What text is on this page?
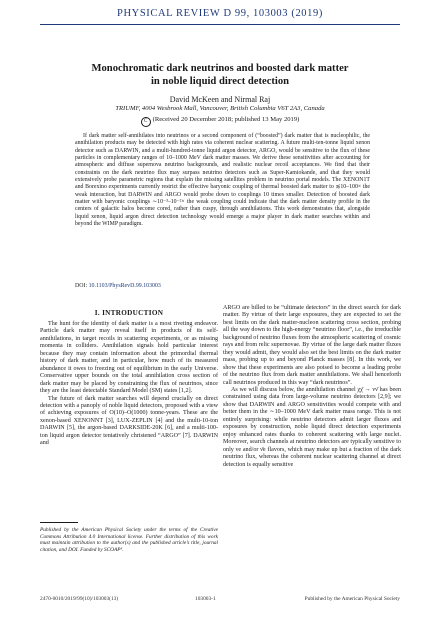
PHYSICAL REVIEW D 99, 103003 (2019)
Monochromatic dark neutrinos and boosted dark matter
in noble liquid direct detection
David McKeen and Nirmal Raj
TRIUMF, 4004 Wesbrook Mall, Vancouver, British Columbia V6T 2A3, Canada
C (Received 20 December 2018; published 13 May 2019)
If dark matter self-annihilates into neutrinos or a second component of (“boosted”) dark matter that is nucleophilic, the annihilation products may be detected with high rates via coherent nuclear scattering. A future multi-ten-tonne liquid xenon detector such as DARWIN, and a multi-hundred-tonne liquid argon detector, ARGO, would be sensitive to the flux of these particles in complementary ranges of 10–1000 MeV dark matter masses. We derive these sensitivities after accounting for atmospheric and diffuse supernova neutrino backgrounds, and realistic nuclear recoil acceptances. We find that their constraints on the dark neutrino flux may surpass neutrino detectors such as Super-Kamiokande, and that they would extensively probe parametric regions that explain the missing satellites problem in neutrino portal models. The XENON1T and Borexino experiments currently restrict the effective baryonic coupling of thermal boosted dark matter to ≲10–100× the weak interaction, but DARWIN and ARGO would probe down to couplings 10 times smaller. Detection of boosted dark matter with baryonic couplings ∼10⁻³–10⁻²× the weak coupling could indicate that the dark matter density profile in the centers of galactic halos become cored, rather than cuspy, through annihilations. This work demonstrates that, alongside liquid xenon, liquid argon direct detection technology would emerge a major player in dark matter searches within and beyond the WIMP paradigm.
DOI: 10.1103/PhysRevD.99.103003
I. INTRODUCTION

The hunt for the identity of dark matter is a most riveting endeavor. Particle dark matter may reveal itself in products of its self-annihilations, in target recoils in scattering experiments, or as missing momenta in colliders. Annihilation signals hold particular interest because they may contain information about the primordial thermal history of dark matter, and in particular, how much of its measured abundance it owes to freezing out of equilibrium in the early Universe. Conservative upper bounds on the total annihilation cross section of dark matter may be placed by constraining the flux of neutrinos, since they are the least detectable Standard Model (SM) states [1,2].

The future of dark matter searches will depend crucially on direct detection with a panoply of noble liquid detectors, proposed with a view of achieving exposures of O(10)–O(1000) tonne-years. These are the xenon-based XENONNT [3], LUX-ZEPLIN [4] and the multi-10-ton DARWIN [5], the argon-based DARKSIDE-20K [6], and a multi-100-ton liquid argon detector tentatively christened “ARGO” [7]. DARWIN and

ARGO are billed to be “ultimate detectors” in the direct search for dark matter. By virtue of their large exposures, they are expected to set the best limits on the dark matter-nucleon scattering cross section, probing all the way down to the high-energy “neutrino floor”, i.e., the irreducible background of neutrino fluxes from the atmospheric scattering of cosmic rays and from relic supernovae. By virtue of the large dark matter fluxes they would admit, they would also set the best limits on the dark matter mass, probing up to and beyond Planck masses [8]. In this work, we show that these experiments are also poised to become a leading probe of the neutrino flux from dark matter annihilations. We shall henceforth call neutrinos produced in this way “dark neutrinos”.

As we will discuss below, the annihilation channel χχ̄ → νν̄ has been constrained using data from large-volume neutrino detectors [2,9]; we show that DARWIN and ARGO sensitivities would compete with and better them in the ∼10–1000 MeV dark matter mass range. This is not entirely surprising: while neutrino detectors admit larger fluxes and exposures by construction, noble liquid direct detection experiments enjoy enhanced rates thanks to coherent scattering with large nuclei. Moreover, search channels at neutrino detectors are typically sensitive to only νe and/or ν̄e flavors, which may make up but a fraction of the dark neutrino flux, whereas the coherent nuclear scattering channel at direct detection is equally sensitive

Published by the American Physical Society under the terms of the Creative Commons Attribution 4.0 International license. Further distribution of this work must maintain attribution to the author(s) and the published article’s title, journal citation, and DOI. Funded by SCOAP³.
2470-0010/2019/99(10)/103003(13)	103003-1	Published by the American Physical Society
